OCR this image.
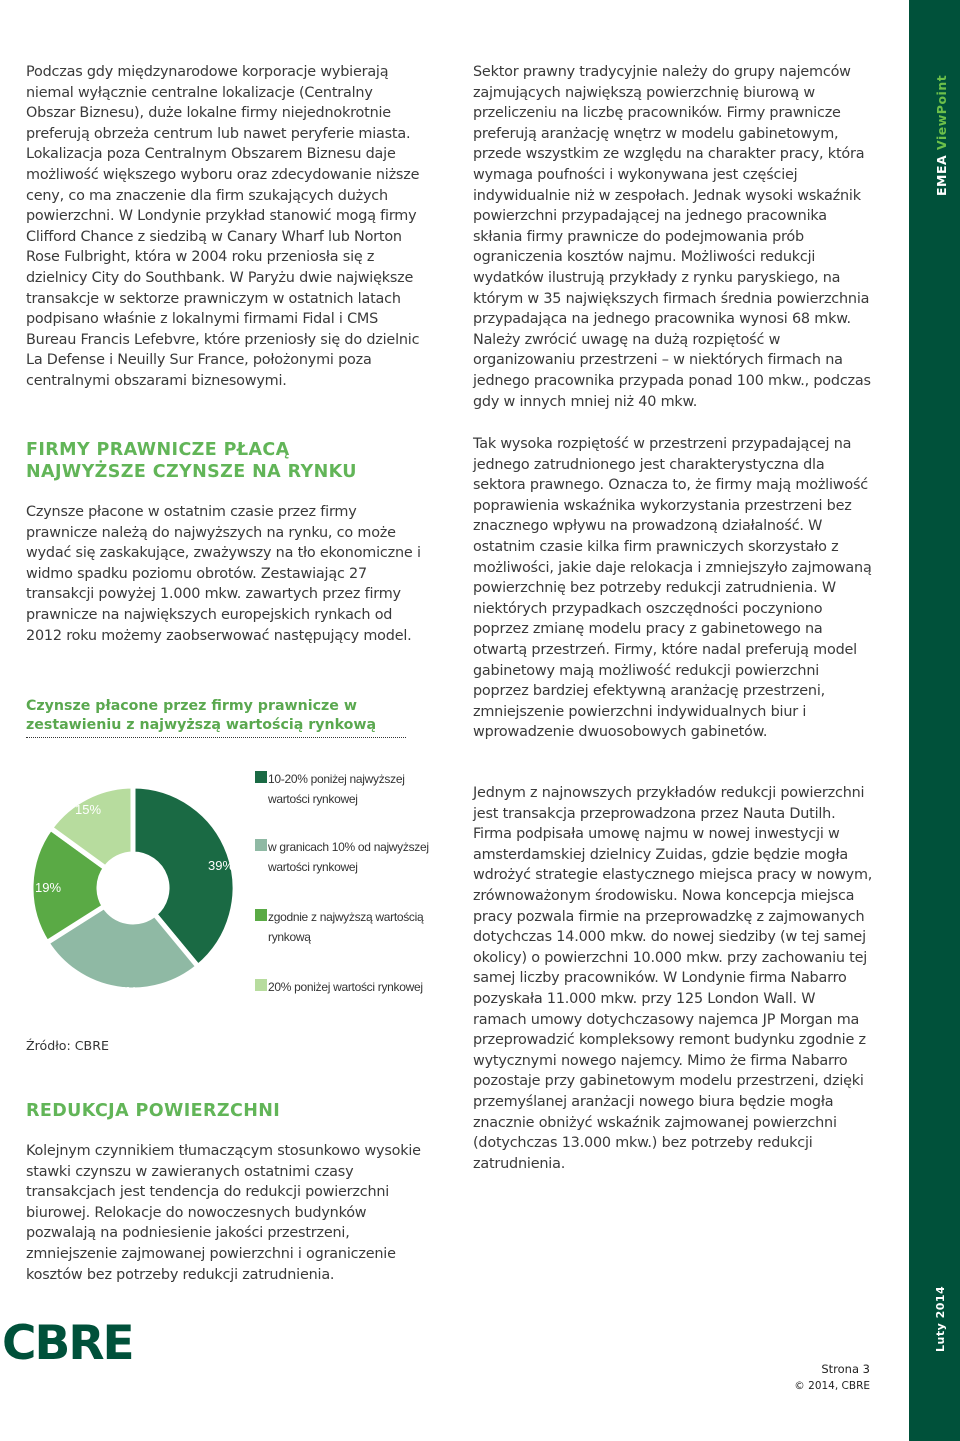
Podczas gdy międzynarodowe korporacje wybierają niemal wyłącznie centralne lokalizacje (Centralny Obszar Biznesu), duże lokalne firmy niejednokrotnie preferują obrzeża centrum lub nawet peryferie miasta. Lokalizacja poza Centralnym Obszarem Biznesu daje możliwość większego wyboru oraz zdecydowanie niższe ceny, co ma znaczenie dla firm szukających dużych powierzchni. W Londynie przykład stanowić mogą firmy Clifford Chance z siedzibą w Canary Wharf lub Norton Rose Fulbright, która w 2004 roku przeniosła się z dzielnicy City do Southbank. W Paryżu dwie największe transakcje w sektorze prawniczym w ostatnich latach podpisano właśnie z lokalnymi firmami Fidal i CMS Bureau Francis Lefebvre, które przeniosły się do dzielnic La Defense i Neuilly Sur France, położonymi poza centralnymi obszarami biznesowymi.

FIRMY PRAWNICZE PŁACĄ NAJWYŻSZE CZYNSZE NA RYNKU

Czynsze płacone w ostatnim czasie przez firmy prawnicze należą do najwyższych na rynku, co może wydać się zaskakujące, zważywszy na tło ekonomiczne i widmo spadku poziomu obrotów. Zestawiając 27 transakcji powyżej 1.000 mkw. zawartych przez firmy prawnicze na największych europejskich rynkach od 2012 roku możemy zaobserwować następujący model.

Czynsze płacone przez firmy prawnicze w zestawieniu z najwyższą wartością rynkową
39%
27%
19%
15%
10-20% poniżej najwyższej wartości rynkowej
w granicach 10% od najwyższej wartości rynkowej
zgodnie z najwyższą wartością rynkową
20% poniżej wartości rynkowej
Źródło: CBRE
REDUKCJA POWIERZCHNI

Kolejnym czynnikiem tłumaczącym stosunkowo wysokie stawki czynszu w zawieranych ostatnimi czasy transakcjach jest tendencja do redukcji powierzchni biurowej. Relokacje do nowoczesnych budynków pozwalają na podniesienie jakości przestrzeni, zmniejszenie zajmowanej powierzchni i ograniczenie kosztów bez potrzeby redukcji zatrudnienia.

Sektor prawny tradycyjnie należy do grupy najemców zajmujących największą powierzchnię biurową w przeliczeniu na liczbę pracowników. Firmy prawnicze preferują aranżację wnętrz w modelu gabinetowym, przede wszystkim ze względu na charakter pracy, która wymaga poufności i wykonywana jest częściej indywidualnie niż w zespołach. Jednak wysoki wskaźnik powierzchni przypadającej na jednego pracownika skłania firmy prawnicze do podejmowania prób ograniczenia kosztów najmu. Możliwości redukcji wydatków ilustrują przykłady z rynku paryskiego, na którym w 35 największych firmach średnia powierzchnia przypadająca na jednego pracownika wynosi 68 mkw. Należy zwrócić uwagę na dużą rozpiętość w organizowaniu przestrzeni – w niektórych firmach na jednego pracownika przypada ponad 100 mkw., podczas gdy w innych mniej niż 40 mkw.

Tak wysoka rozpiętość w przestrzeni przypadającej na jednego zatrudnionego jest charakterystyczna dla sektora prawnego. Oznacza to, że firmy mają możliwość poprawienia wskaźnika wykorzystania przestrzeni bez znacznego wpływu na prowadzoną działalność. W ostatnim czasie kilka firm prawniczych skorzystało z możliwości, jakie daje relokacja i zmniejszyło zajmowaną powierzchnię bez potrzeby redukcji zatrudnienia. W niektórych przypadkach oszczędności poczyniono poprzez zmianę modelu pracy z gabinetowego na otwartą przestrzeń. Firmy, które nadal preferują model gabinetowy mają możliwość redukcji powierzchni poprzez bardziej efektywną aranżację przestrzeni, zmniejszenie powierzchni indywidualnych biur i wprowadzenie dwuosobowych gabinetów.

Jednym z najnowszych przykładów redukcji powierzchni jest transakcja przeprowadzona przez Nauta Dutilh. Firma podpisała umowę najmu w nowej inwestycji w amsterdamskiej dzielnicy Zuidas, gdzie będzie mogła wdrożyć strategie elastycznego miejsca pracy w nowym, zrównoważonym środowisku. Nowa koncepcja miejsca pracy pozwala firmie na przeprowadzkę z zajmowanych dotychczas 14.000 mkw. do nowej siedziby (w tej samej okolicy) o powierzchni 10.000 mkw. przy zachowaniu tej samej liczby pracowników. W Londynie firma Nabarro pozyskała 11.000 mkw. przy 125 London Wall. W ramach umowy dotychczasowy najemca JP Morgan ma przeprowadzić kompleksowy remont budynku zgodnie z wytycznymi nowego najemcy. Mimo że firma Nabarro pozostaje przy gabinetowym modelu przestrzeni, dzięki przemyślanej aranżacji nowego biura będzie mogła znacznie obniżyć wskaźnik zajmowanej powierzchni (dotychczas 13.000 mkw.) bez potrzeby redukcji zatrudnienia.

EMEA ViewPoint
Luty 2014
CBRE	Strona 3
© 2014, CBRE
